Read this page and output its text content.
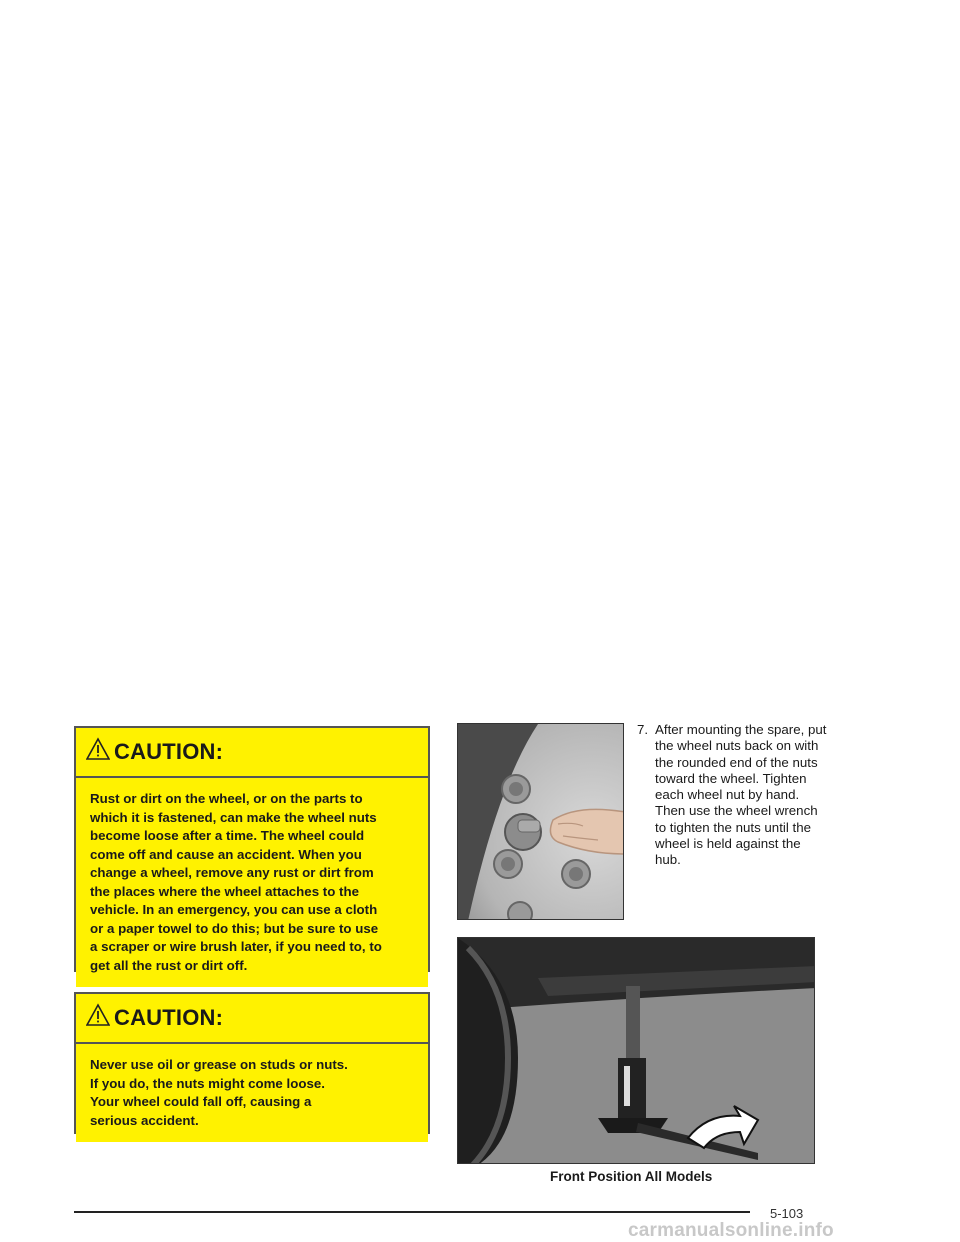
CAUTION:

Rust or dirt on the wheel, or on the parts to
which it is fastened, can make the wheel nuts
become loose after a time. The wheel could
come off and cause an accident. When you
change a wheel, remove any rust or dirt from
the places where the wheel attaches to the
vehicle. In an emergency, you can use a cloth
or a paper towel to do this; but be sure to use
a scraper or wire brush later, if you need to, to
get all the rust or dirt off.

CAUTION:

Never use oil or grease on studs or nuts.
If you do, the nuts might come loose.
Your wheel could fall off, causing a
serious accident.

7. After mounting the spare, put the wheel nuts back on with the rounded end of the nuts toward the wheel. Tighten each wheel nut by hand. Then use the wheel wrench to tighten the nuts until the wheel is held against the hub.
Front Position All Models
5-103
carmanualsonline.info
